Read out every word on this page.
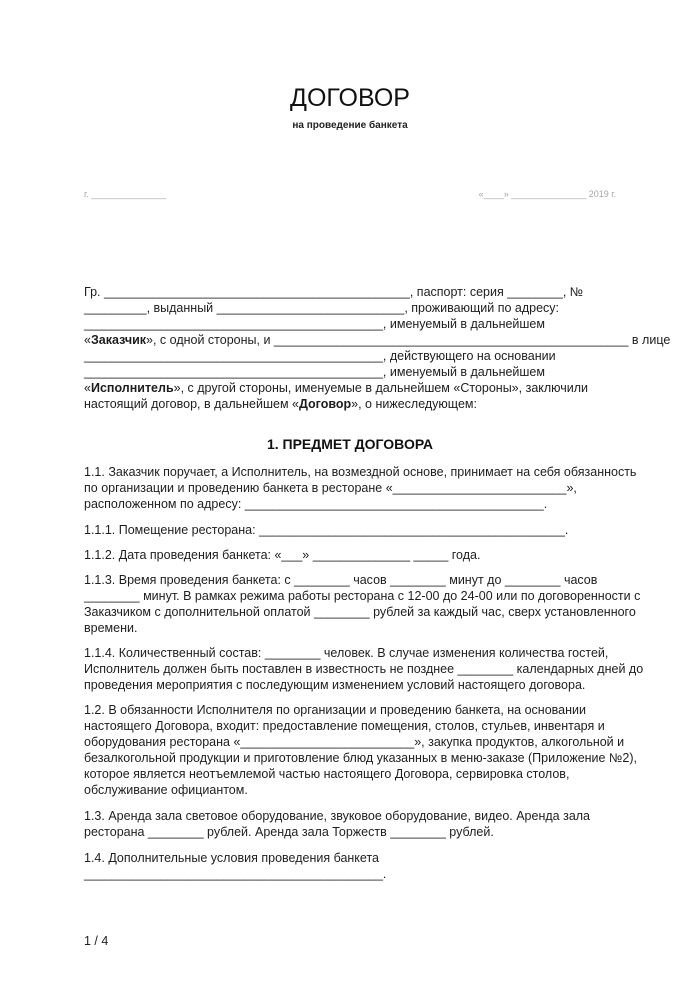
ДОГОВОР
на проведение банкета
г. _______________	«____» _______________ 2019 г.
Гр. ____________________________________________, паспорт: серия ________, №
_________, выданный ___________________________, проживающий по адресу:
___________________________________________, именуемый в дальнейшем
«Заказчик», с одной стороны, и ___________________________________________________ в лице
___________________________________________, действующего на основании
___________________________________________, именуемый в дальнейшем
«Исполнитель», с другой стороны, именуемые в дальнейшем «Стороны», заключили
настоящий договор, в дальнейшем «Договор», о нижеследующем:
1. ПРЕДМЕТ ДОГОВОРА
1.1. Заказчик поручает, а Исполнитель, на возмездной основе, принимает на себя обязанность
по организации и проведению банкета в ресторане «_________________________»,
расположенном по адресу: ___________________________________________.
1.1.1. Помещение ресторана: ____________________________________________.
1.1.2. Дата проведения банкета: «___» ______________ _____ года.
1.1.3. Время проведения банкета: с ________ часов ________ минут до ________ часов
________ минут. В рамках режима работы ресторана с 12-00 до 24-00 или по договоренности с
Заказчиком с дополнительной оплатой ________ рублей за каждый час, сверх установленного
времени.
1.1.4. Количественный состав: ________ человек. В случае изменения количества гостей,
Исполнитель должен быть поставлен в известность не позднее ________ календарных дней до
проведения мероприятия с последующим изменением условий настоящего договора.
1.2. В обязанности Исполнителя по организации и проведению банкета, на основании
настоящего Договора, входит: предоставление помещения, столов, стульев, инвентаря и
оборудования ресторана «_________________________», закупка продуктов, алкогольной и
безалкогольной продукции и приготовление блюд указанных в меню-заказе (Приложение №2),
которое является неотъемлемой частью настоящего Договора, сервировка столов,
обслуживание официантом.
1.3. Аренда зала световое оборудование, звуковое оборудование, видео. Аренда зала
ресторана ________ рублей. Аренда зала Торжеств ________ рублей.
1.4. Дополнительные условия проведения банкета
___________________________________________.
1 / 4
